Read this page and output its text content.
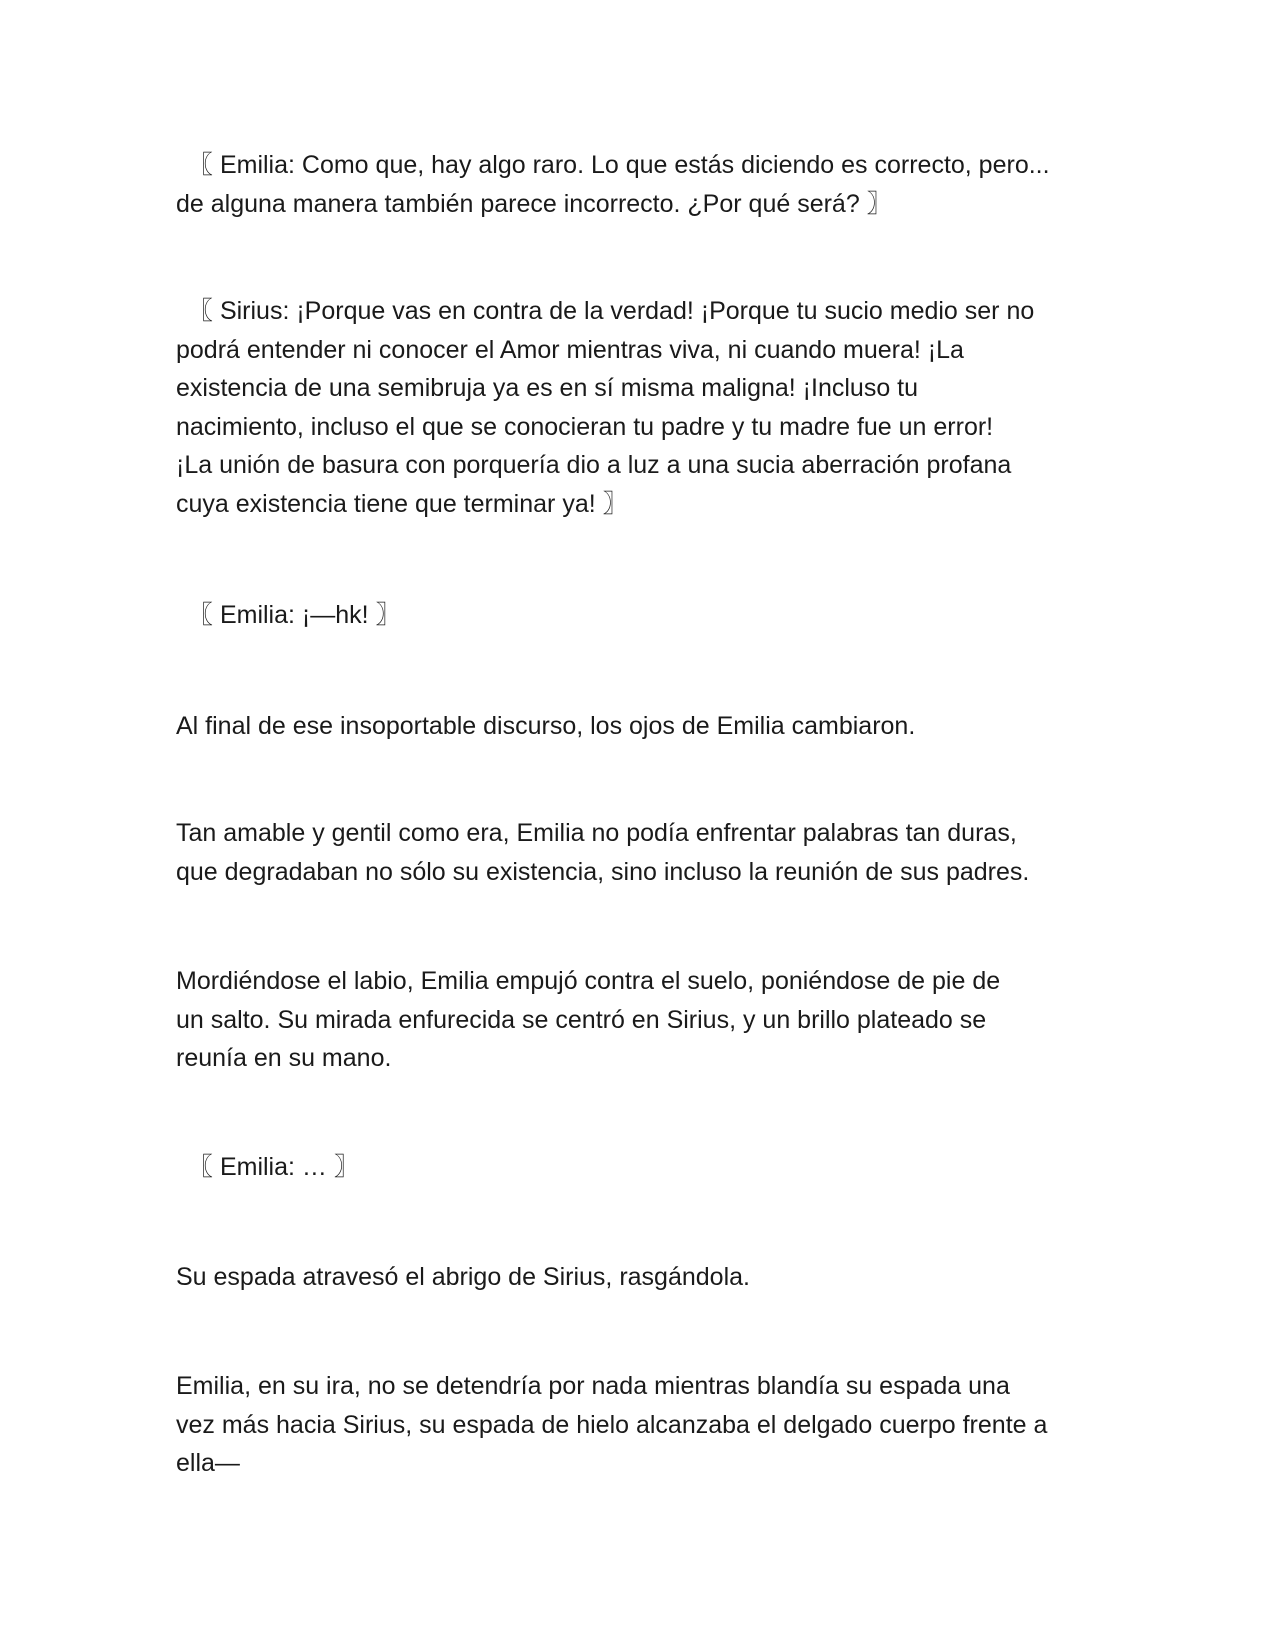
〖 Emilia: Como que, hay algo raro. Lo que estás diciendo es correcto, pero...
de alguna manera también parece incorrecto. ¿Por qué será? 〗

〖 Sirius: ¡Porque vas en contra de la verdad! ¡Porque tu sucio medio ser no
podrá entender ni conocer el Amor mientras viva, ni cuando muera! ¡La
existencia de una semibruja ya es en sí misma maligna! ¡Incluso tu
nacimiento, incluso el que se conocieran tu padre y tu madre fue un error!
¡La unión de basura con porquería dio a luz a una sucia aberración profana
cuya existencia tiene que terminar ya! 〗

〖 Emilia: ¡—hk! 〗

Al final de ese insoportable discurso, los ojos de Emilia cambiaron.

Tan amable y gentil como era, Emilia no podía enfrentar palabras tan duras,
que degradaban no sólo su existencia, sino incluso la reunión de sus padres.

Mordiéndose el labio, Emilia empujó contra el suelo, poniéndose de pie de
un salto. Su mirada enfurecida se centró en Sirius, y un brillo plateado se
reunía en su mano.

〖 Emilia: … 〗

Su espada atravesó el abrigo de Sirius, rasgándola.

Emilia, en su ira, no se detendría por nada mientras blandía su espada una
vez más hacia Sirius, su espada de hielo alcanzaba el delgado cuerpo frente a
ella—
